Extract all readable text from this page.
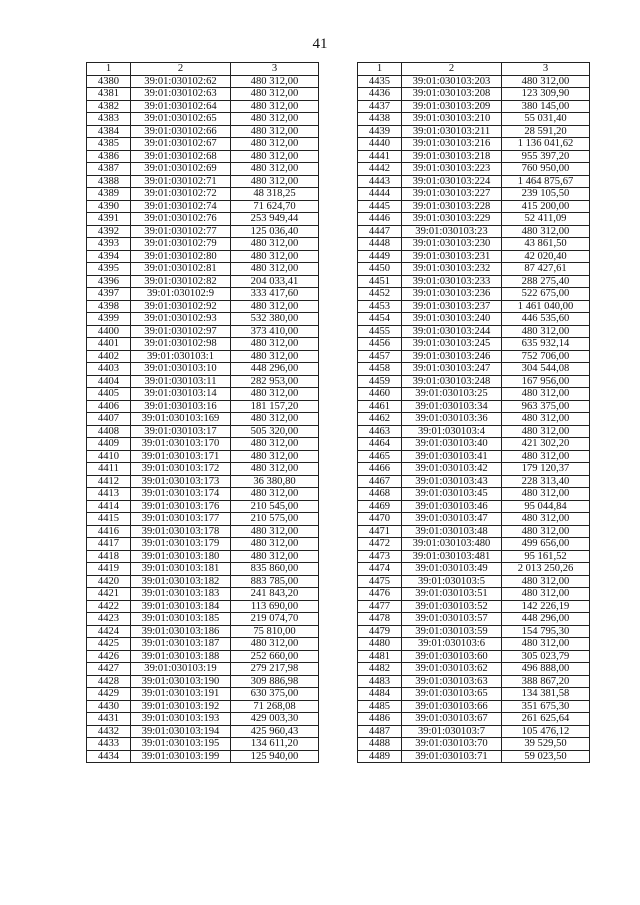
41
1	2	3
4380	39:01:030102:62	480 312,00
4381	39:01:030102:63	480 312,00
4382	39:01:030102:64	480 312,00
4383	39:01:030102:65	480 312,00
4384	39:01:030102:66	480 312,00
4385	39:01:030102:67	480 312,00
4386	39:01:030102:68	480 312,00
4387	39:01:030102:69	480 312,00
4388	39:01:030102:71	480 312,00
4389	39:01:030102:72	48 318,25
4390	39:01:030102:74	71 624,70
4391	39:01:030102:76	253 949,44
4392	39:01:030102:77	125 036,40
4393	39:01:030102:79	480 312,00
4394	39:01:030102:80	480 312,00
4395	39:01:030102:81	480 312,00
4396	39:01:030102:82	204 033,41
4397	39:01:030102:9	333 417,60
4398	39:01:030102:92	480 312,00
4399	39:01:030102:93	532 380,00
4400	39:01:030102:97	373 410,00
4401	39:01:030102:98	480 312,00
4402	39:01:030103:1	480 312,00
4403	39:01:030103:10	448 296,00
4404	39:01:030103:11	282 953,00
4405	39:01:030103:14	480 312,00
4406	39:01:030103:16	181 157,20
4407	39:01:030103:169	480 312,00
4408	39:01:030103:17	505 320,00
4409	39:01:030103:170	480 312,00
4410	39:01:030103:171	480 312,00
4411	39:01:030103:172	480 312,00
4412	39:01:030103:173	36 380,80
4413	39:01:030103:174	480 312,00
4414	39:01:030103:176	210 545,00
4415	39:01:030103:177	210 575,00
4416	39:01:030103:178	480 312,00
4417	39:01:030103:179	480 312,00
4418	39:01:030103:180	480 312,00
4419	39:01:030103:181	835 860,00
4420	39:01:030103:182	883 785,00
4421	39:01:030103:183	241 843,20
4422	39:01:030103:184	113 690,00
4423	39:01:030103:185	219 074,70
4424	39:01:030103:186	75 810,00
4425	39:01:030103:187	480 312,00
4426	39:01:030103:188	252 660,00
4427	39:01:030103:19	279 217,98
4428	39:01:030103:190	309 886,98
4429	39:01:030103:191	630 375,00
4430	39:01:030103:192	71 268,08
4431	39:01:030103:193	429 003,30
4432	39:01:030103:194	425 960,43
4433	39:01:030103:195	134 611,20
4434	39:01:030103:199	125 940,00
1	2	3
4435	39:01:030103:203	480 312,00
4436	39:01:030103:208	123 309,90
4437	39:01:030103:209	380 145,00
4438	39:01:030103:210	55 031,40
4439	39:01:030103:211	28 591,20
4440	39:01:030103:216	1 136 041,62
4441	39:01:030103:218	955 397,20
4442	39:01:030103:223	760 950,00
4443	39:01:030103:224	1 464 875,67
4444	39:01:030103:227	239 105,50
4445	39:01:030103:228	415 200,00
4446	39:01:030103:229	52 411,09
4447	39:01:030103:23	480 312,00
4448	39:01:030103:230	43 861,50
4449	39:01:030103:231	42 020,40
4450	39:01:030103:232	87 427,61
4451	39:01:030103:233	288 275,40
4452	39:01:030103:236	522 675,00
4453	39:01:030103:237	1 461 040,00
4454	39:01:030103:240	446 535,60
4455	39:01:030103:244	480 312,00
4456	39:01:030103:245	635 932,14
4457	39:01:030103:246	752 706,00
4458	39:01:030103:247	304 544,08
4459	39:01:030103:248	167 956,00
4460	39:01:030103:25	480 312,00
4461	39:01:030103:34	963 375,00
4462	39:01:030103:36	480 312,00
4463	39:01:030103:4	480 312,00
4464	39:01:030103:40	421 302,20
4465	39:01:030103:41	480 312,00
4466	39:01:030103:42	179 120,37
4467	39:01:030103:43	228 313,40
4468	39:01:030103:45	480 312,00
4469	39:01:030103:46	95 044,84
4470	39:01:030103:47	480 312,00
4471	39:01:030103:48	480 312,00
4472	39:01:030103:480	499 656,00
4473	39:01:030103:481	95 161,52
4474	39:01:030103:49	2 013 250,26
4475	39:01:030103:5	480 312,00
4476	39:01:030103:51	480 312,00
4477	39:01:030103:52	142 226,19
4478	39:01:030103:57	448 296,00
4479	39:01:030103:59	154 795,30
4480	39:01:030103:6	480 312,00
4481	39:01:030103:60	305 023,79
4482	39:01:030103:62	496 888,00
4483	39:01:030103:63	388 867,20
4484	39:01:030103:65	134 381,58
4485	39:01:030103:66	351 675,30
4486	39:01:030103:67	261 625,64
4487	39:01:030103:7	105 476,12
4488	39:01:030103:70	39 529,50
4489	39:01:030103:71	59 023,50
